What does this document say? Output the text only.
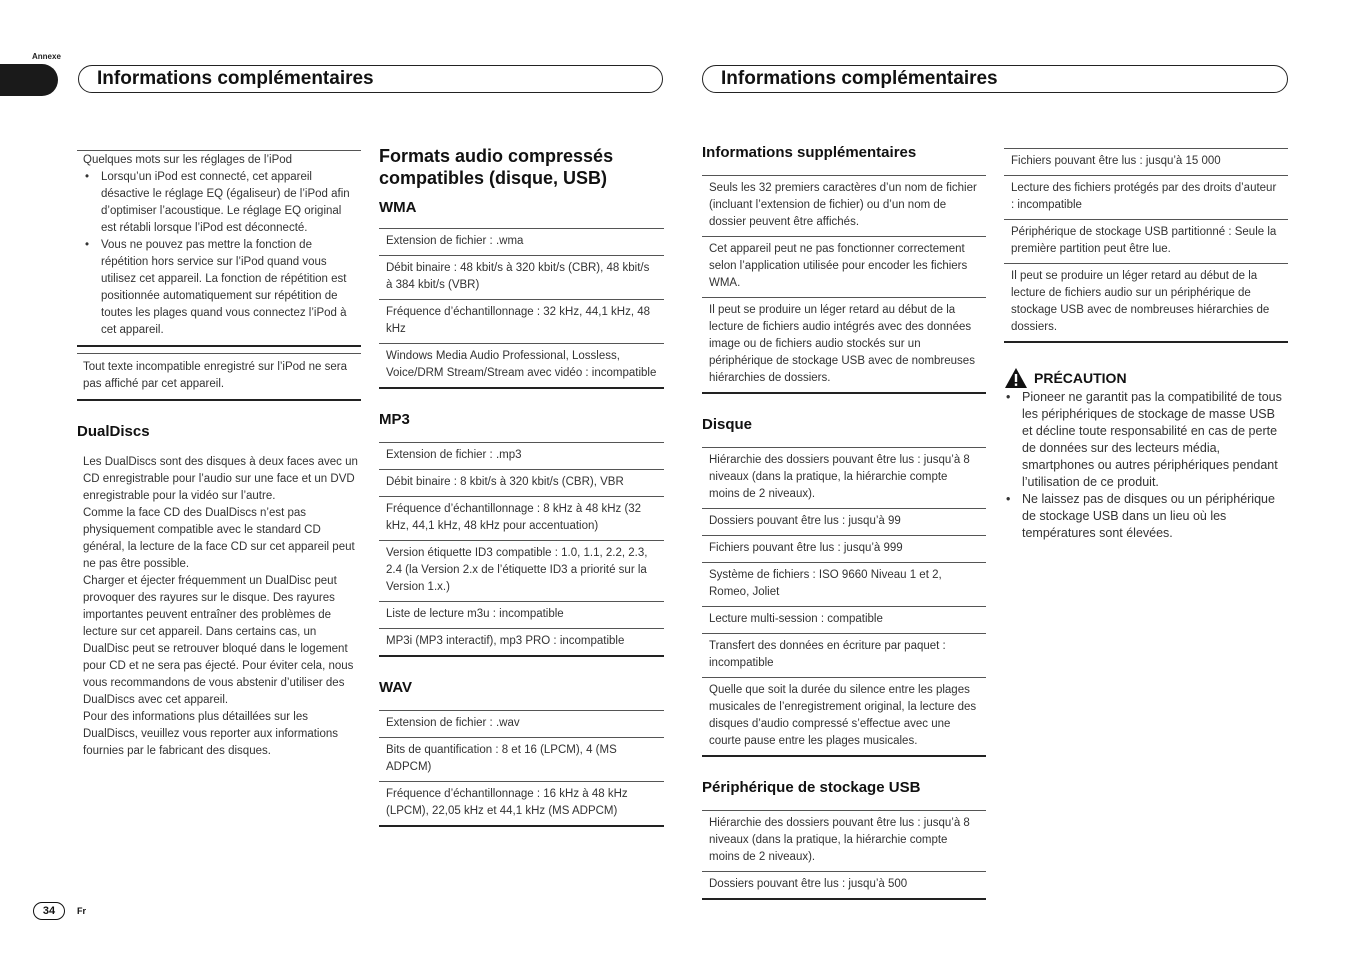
Annexe
Informations complémentaires	Informations complémentaires
Quelques mots sur les réglages de l’iPod
• Lorsqu’un iPod est connecté, cet appareil désactive le réglage EQ (égaliseur) de l’iPod afin d’optimiser l’acoustique. Le réglage EQ original est rétabli lorsque l’iPod est déconnecté.
• Vous ne pouvez pas mettre la fonction de répétition hors service sur l’iPod quand vous utilisez cet appareil. La fonction de répétition est positionnée automatiquement sur répétition de toutes les plages quand vous connectez l’iPod à cet appareil.
Tout texte incompatible enregistré sur l’iPod ne sera pas affiché par cet appareil.
DualDiscs
Les DualDiscs sont des disques à deux faces avec un CD enregistrable pour l’audio sur une face et un DVD enregistrable pour la vidéo sur l’autre.
Comme la face CD des DualDiscs n’est pas physiquement compatible avec le standard CD général, la lecture de la face CD sur cet appareil peut ne pas être possible.
Charger et éjecter fréquemment un DualDisc peut provoquer des rayures sur le disque. Des rayures importantes peuvent entraîner des problèmes de lecture sur cet appareil. Dans certains cas, un DualDisc peut se retrouver bloqué dans le logement pour CD et ne sera pas éjecté. Pour éviter cela, nous vous recommandons de vous abstenir d’utiliser des DualDiscs avec cet appareil.
Pour des informations plus détaillées sur les DualDiscs, veuillez vous reporter aux informations fournies par le fabricant des disques.
Formats audio compressés compatibles (disque, USB)
WMA
Extension de fichier : .wma
Débit binaire : 48 kbit/s à 320 kbit/s (CBR), 48 kbit/s à 384 kbit/s (VBR)
Fréquence d’échantillonnage : 32 kHz, 44,1 kHz, 48 kHz
Windows Media Audio Professional, Lossless, Voice/DRM Stream/Stream avec vidéo : incompatible
MP3
Extension de fichier : .mp3
Débit binaire : 8 kbit/s à 320 kbit/s (CBR), VBR
Fréquence d’échantillonnage : 8 kHz à 48 kHz (32 kHz, 44,1 kHz, 48 kHz pour accentuation)
Version étiquette ID3 compatible : 1.0, 1.1, 2.2, 2.3, 2.4 (la Version 2.x de l’étiquette ID3 a priorité sur la Version 1.x.)
Liste de lecture m3u : incompatible
MP3i (MP3 interactif), mp3 PRO : incompatible
WAV
Extension de fichier : .wav
Bits de quantification : 8 et 16 (LPCM), 4 (MS ADPCM)
Fréquence d’échantillonnage : 16 kHz à 48 kHz (LPCM), 22,05 kHz et 44,1 kHz (MS ADPCM)
Informations supplémentaires
Seuls les 32 premiers caractères d’un nom de fichier (incluant l’extension de fichier) ou d’un nom de dossier peuvent être affichés.
Cet appareil peut ne pas fonctionner correctement selon l’application utilisée pour encoder les fichiers WMA.
Il peut se produire un léger retard au début de la lecture de fichiers audio intégrés avec des données image ou de fichiers audio stockés sur un périphérique de stockage USB avec de nombreuses hiérarchies de dossiers.
Disque
Hiérarchie des dossiers pouvant être lus : jusqu’à 8 niveaux (dans la pratique, la hiérarchie compte moins de 2 niveaux).
Dossiers pouvant être lus : jusqu’à 99
Fichiers pouvant être lus : jusqu’à 999
Système de fichiers : ISO 9660 Niveau 1 et 2, Romeo, Joliet
Lecture multi-session : compatible
Transfert des données en écriture par paquet : incompatible
Quelle que soit la durée du silence entre les plages musicales de l’enregistrement original, la lecture des disques d’audio compressé s’effectue avec une courte pause entre les plages musicales.
Périphérique de stockage USB
Hiérarchie des dossiers pouvant être lus : jusqu’à 8 niveaux (dans la pratique, la hiérarchie compte moins de 2 niveaux).
Dossiers pouvant être lus : jusqu’à 500
Fichiers pouvant être lus : jusqu’à 15 000
Lecture des fichiers protégés par des droits d’auteur : incompatible
Périphérique de stockage USB partitionné : Seule la première partition peut être lue.
Il peut se produire un léger retard au début de la lecture de fichiers audio sur un périphérique de stockage USB avec de nombreuses hiérarchies de dossiers.
PRÉCAUTION
• Pioneer ne garantit pas la compatibilité de tous les périphériques de stockage de masse USB et décline toute responsabilité en cas de perte de données sur des lecteurs média, smartphones ou autres périphériques pendant l’utilisation de ce produit.
• Ne laissez pas de disques ou un périphérique de stockage USB dans un lieu où les températures sont élevées.
34	Fr
